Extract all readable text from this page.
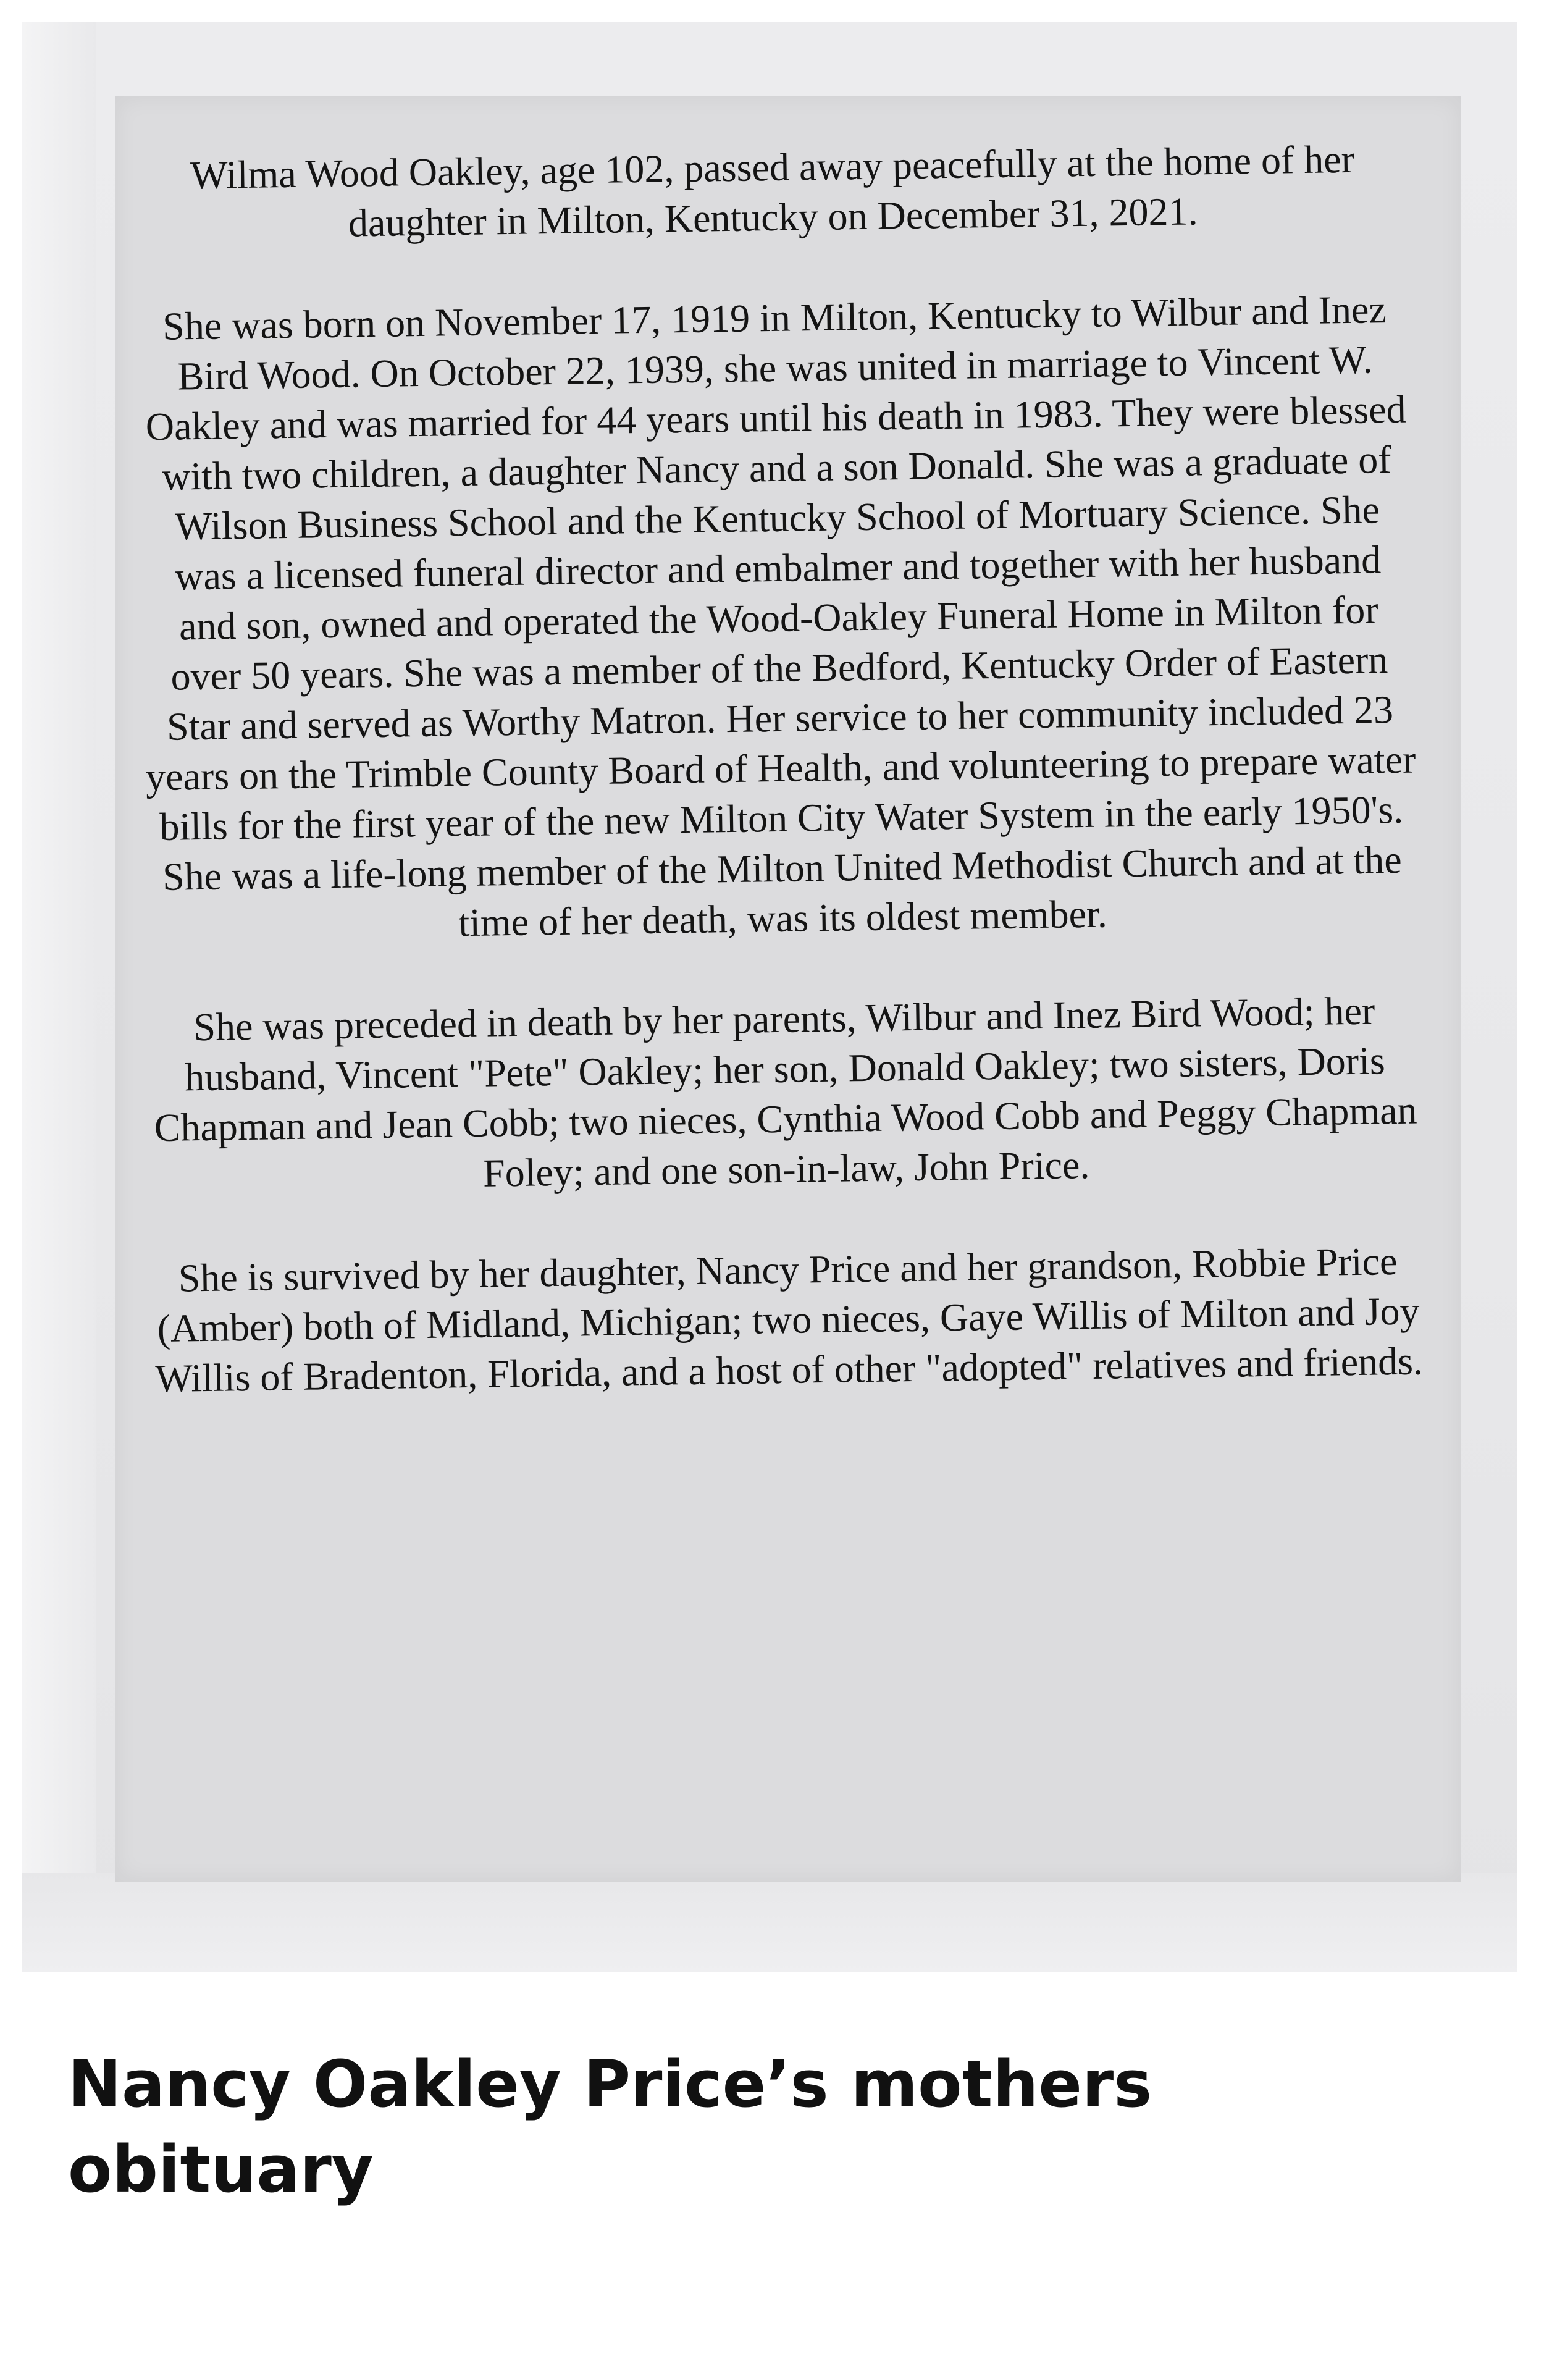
Wilma Wood Oakley, age 102, passed away peacefully at the home of her daughter in Milton, Kentucky on December 31, 2021.

She was born on November 17, 1919 in Milton, Kentucky to Wilbur and Inez Bird Wood. On October 22, 1939, she was united in marriage to Vincent W. Oakley and was married for 44 years until his death in 1983. They were blessed with two children, a daughter Nancy and a son Donald. She was a graduate of Wilson Business School and the Kentucky School of Mortuary Science. She was a licensed funeral director and embalmer and together with her husband and son, owned and operated the Wood-Oakley Funeral Home in Milton for over 50 years. She was a member of the Bedford, Kentucky Order of Eastern Star and served as Worthy Matron. Her service to her community included 23 years on the Trimble County Board of Health, and volunteering to prepare water bills for the first year of the new Milton City Water System in the early 1950's. She was a life-long member of the Milton United Methodist Church and at the time of her death, was its oldest member.

She was preceded in death by her parents, Wilbur and Inez Bird Wood; her husband, Vincent "Pete" Oakley; her son, Donald Oakley; two sisters, Doris Chapman and Jean Cobb; two nieces, Cynthia Wood Cobb and Peggy Chapman Foley; and one son-in-law, John Price.

She is survived by her daughter, Nancy Price and her grandson, Robbie Price (Amber) both of Midland, Michigan; two nieces, Gaye Willis of Milton and Joy Willis of Bradenton, Florida, and a host of other "adopted" relatives and friends.

Nancy Oakley Price’s mothers obituary
